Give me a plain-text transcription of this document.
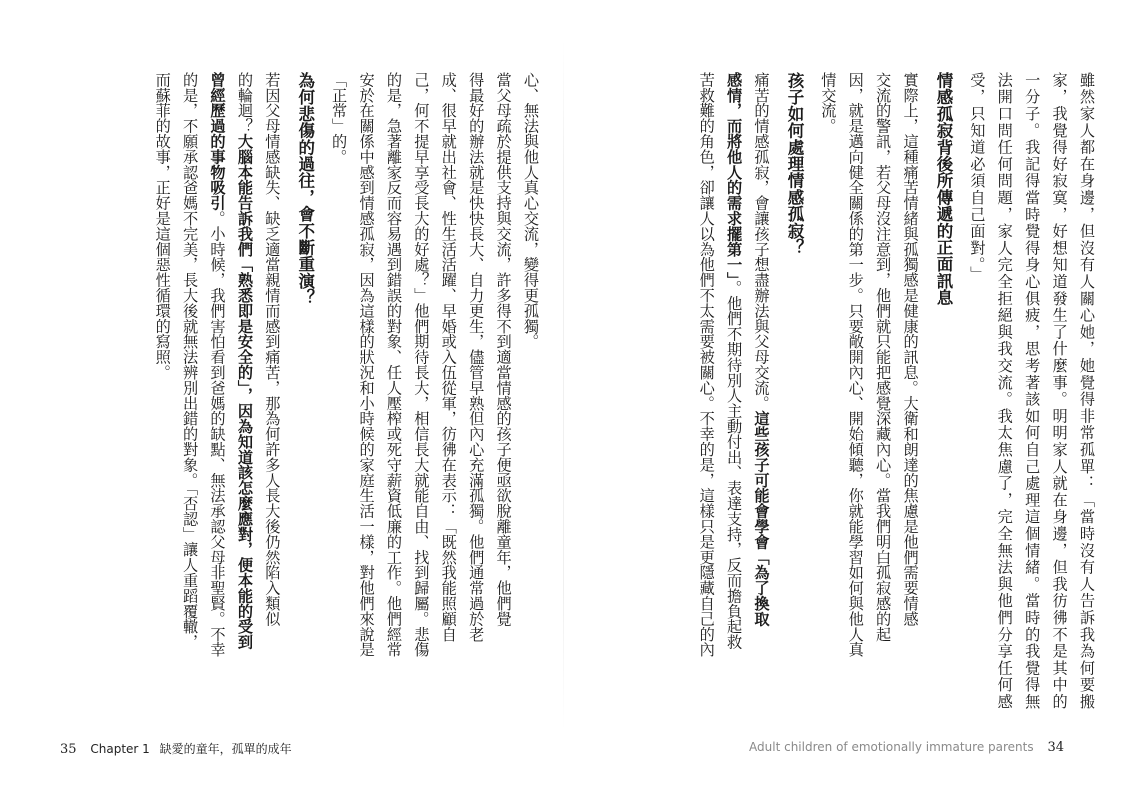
雖然家人都在身邊，但沒有人關心她，她覺得非常孤單：「當時沒有人告訴我為何要搬
家，我覺得好寂寞，好想知道發生了什麼事。明明家人就在身邊，但我彷彿不是其中的
一分子。我記得當時覺得身心俱疲，思考著該如何自己處理這個情緒。當時的我覺得無
法開口問任何問題，家人完全拒絕與我交流。我太焦慮了，完全無法與他們分享任何感
受，只知道必須自己面對。」
情感孤寂背後所傳遞的正面訊息
實際上，這種痛苦情緒與孤獨感是健康的訊息。大衛和朗達的焦慮是他們需要情感
交流的警訊，若父母沒注意到，他們就只能把感覺深藏內心。當我們明白孤寂感的起
因，就是邁向健全關係的第一步。只要敞開內心、開始傾聽，你就能學習如何與他人真
情交流。
孩子如何處理情感孤寂？
痛苦的情感孤寂，會讓孩子想盡辦法與父母交流。這些孩子可能會學會「為了換取
感情，而將他人的需求擺第一」。他們不期待別人主動付出、表達支持，反而擔負起救
苦救難的角色，卻讓人以為他們不太需要被關心。不幸的是，這樣只是更隱藏自己的內
心、無法與他人真心交流，變得更孤獨。
當父母疏於提供支持與交流，許多得不到適當情感的孩子便亟欲脫離童年，他們覺
得最好的辦法就是快快長大、自力更生，儘管早熟但內心充滿孤獨。他們通常過於老
成、很早就出社會、性生活活躍、早婚或入伍從軍，彷彿在表示：「既然我能照顧自
己，何不提早享受長大的好處？」他們期待長大，相信長大就能自由、找到歸屬。悲傷
的是，急著離家反而容易遇到錯誤的對象、任人壓榨或死守薪資低廉的工作。他們經常
安於在關係中感到情感孤寂，因為這樣的狀況和小時候的家庭生活一樣，對他們來說是
「正常」的。
為何悲傷的過往，會不斷重演？
若因父母情感缺失、缺乏適當親情而感到痛苦，那為何許多人長大後仍然陷入類似
的輪迴？大腦本能告訴我們「熟悉即是安全的」，因為知道該怎麼應對，便本能的受到
曾經歷過的事物吸引。小時候，我們害怕看到爸媽的缺點、無法承認父母非聖賢。不幸
的是，不願承認爸媽不完美，長大後就無法辨別出錯的對象。「否認」讓人重蹈覆轍，
而蘇菲的故事，正好是這個惡性循環的寫照。
35 Chapter 1 缺愛的童年，孤單的成年	Adult children of emotionally immature parents 34
